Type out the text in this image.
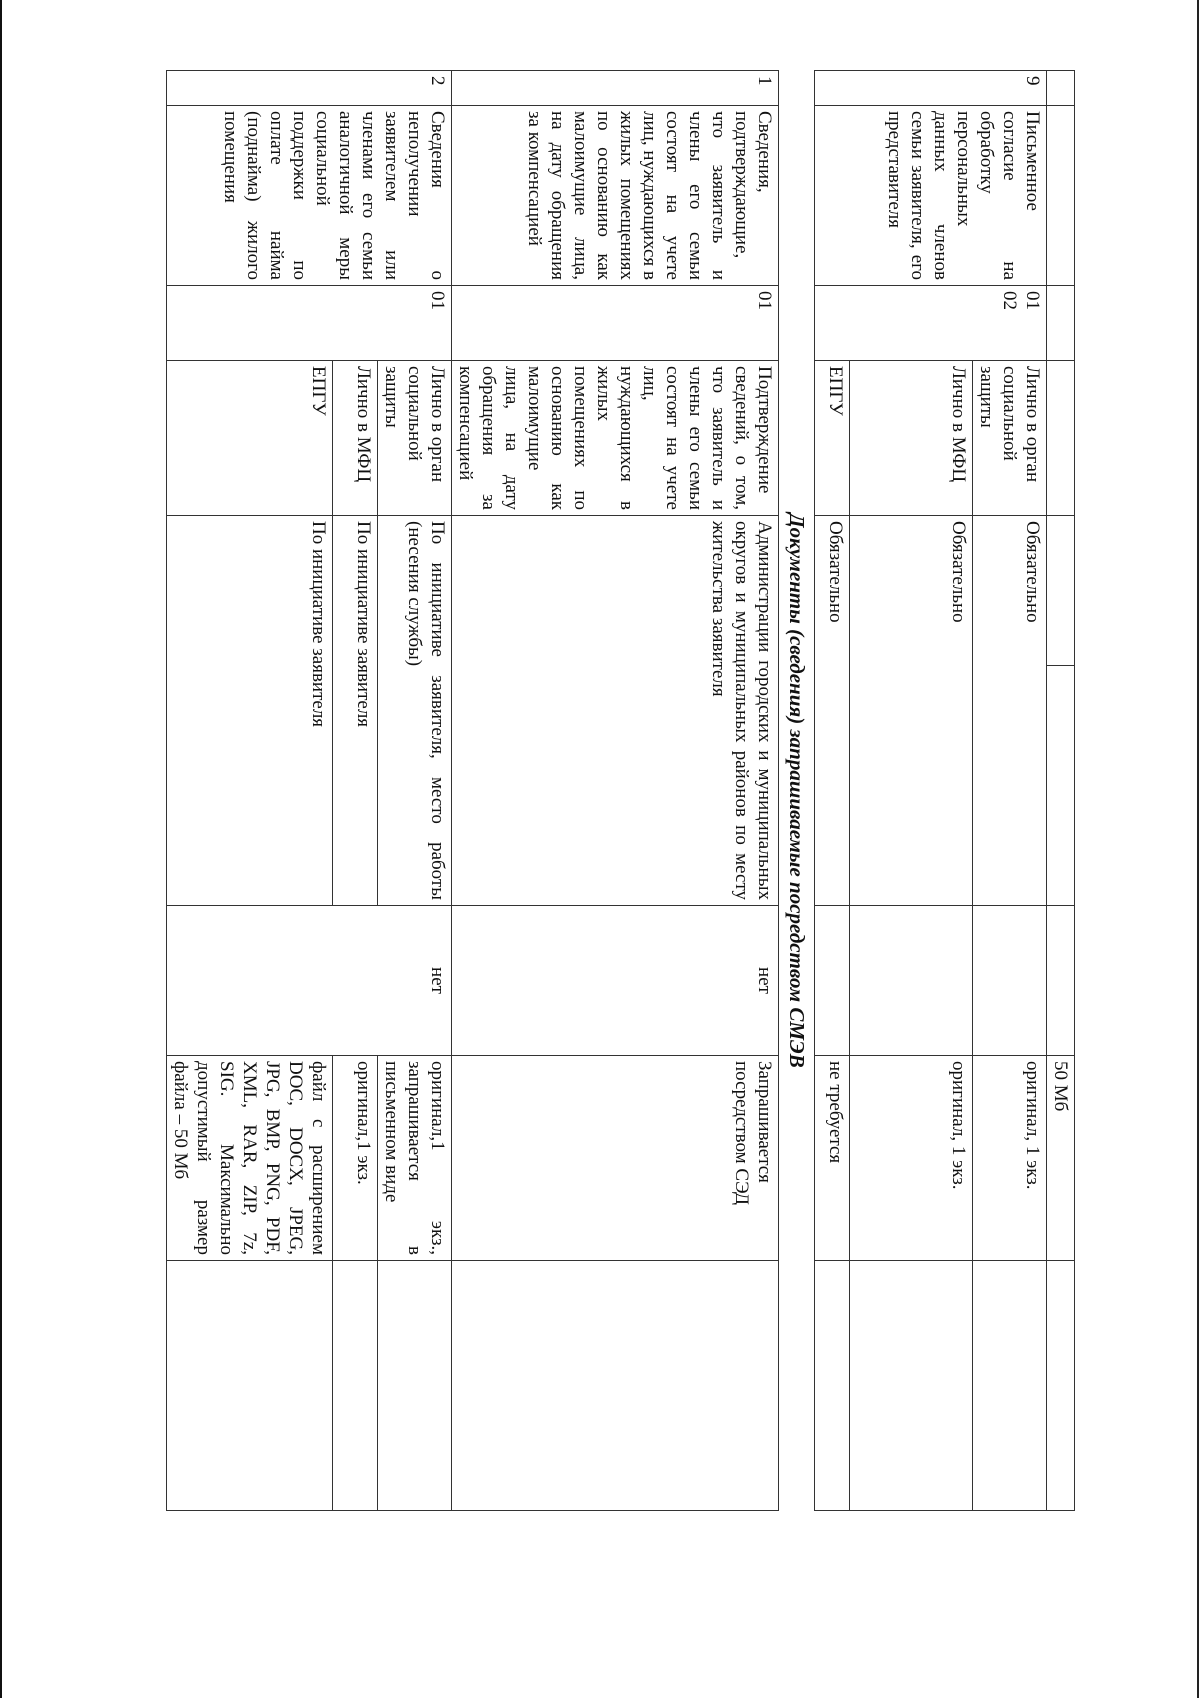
							50 Мб	
9	Письменное согласие на обработку персональных данных членов семьи заявителя, его представителя	01
02	Лично в орган социальной защиты	Обязательно			оригинал, 1 экз.	
			Лично в МФЦ	Обязательно			оригинал, 1 экз.	
			ЕПГУ	Обязательно			не требуется	
Документы (сведения) запрашиваемые посредством СМЭВ								
1	Сведения, подтверждающие, что заявитель и члены его семьи состоят на учете лиц, нуждающихся в жилых помещениях по основанию как малоимущие лица, на дату обращения за компенсацией	01	Подтверждение сведений, о том, что заявитель и члены его семьи состоят на учете лиц, нуждающихся в жилых помещениях по основанию как малоимущие лица, на дату обращения за компенсацией	Администрации городских и муниципальных округов и муниципальных районов по месту жительства заявителя		нет	Запрашивается посредством СЭД	
2	Сведения о неполучении заявителем или членами его семьи аналогичной меры социальной поддержки по оплате найма (поднайма) жилого помещения	01	Лично в орган социальной защиты	По инициативе заявителя, место работы (несения службы)		нет	оригинал,1 экз., запрашивается в письменном виде	
			Лично в МФЦ	По инициативе заявителя			оригинал,1 экз.	
			ЕПГУ	По инициативе заявителя			файл с расширением DOC, DOCX, JPEG, JPG, BMP, PNG, PDF, XML, RAR, ZIP, 7z, SIG. Максимально допустимый размер файла – 50 Мб	
